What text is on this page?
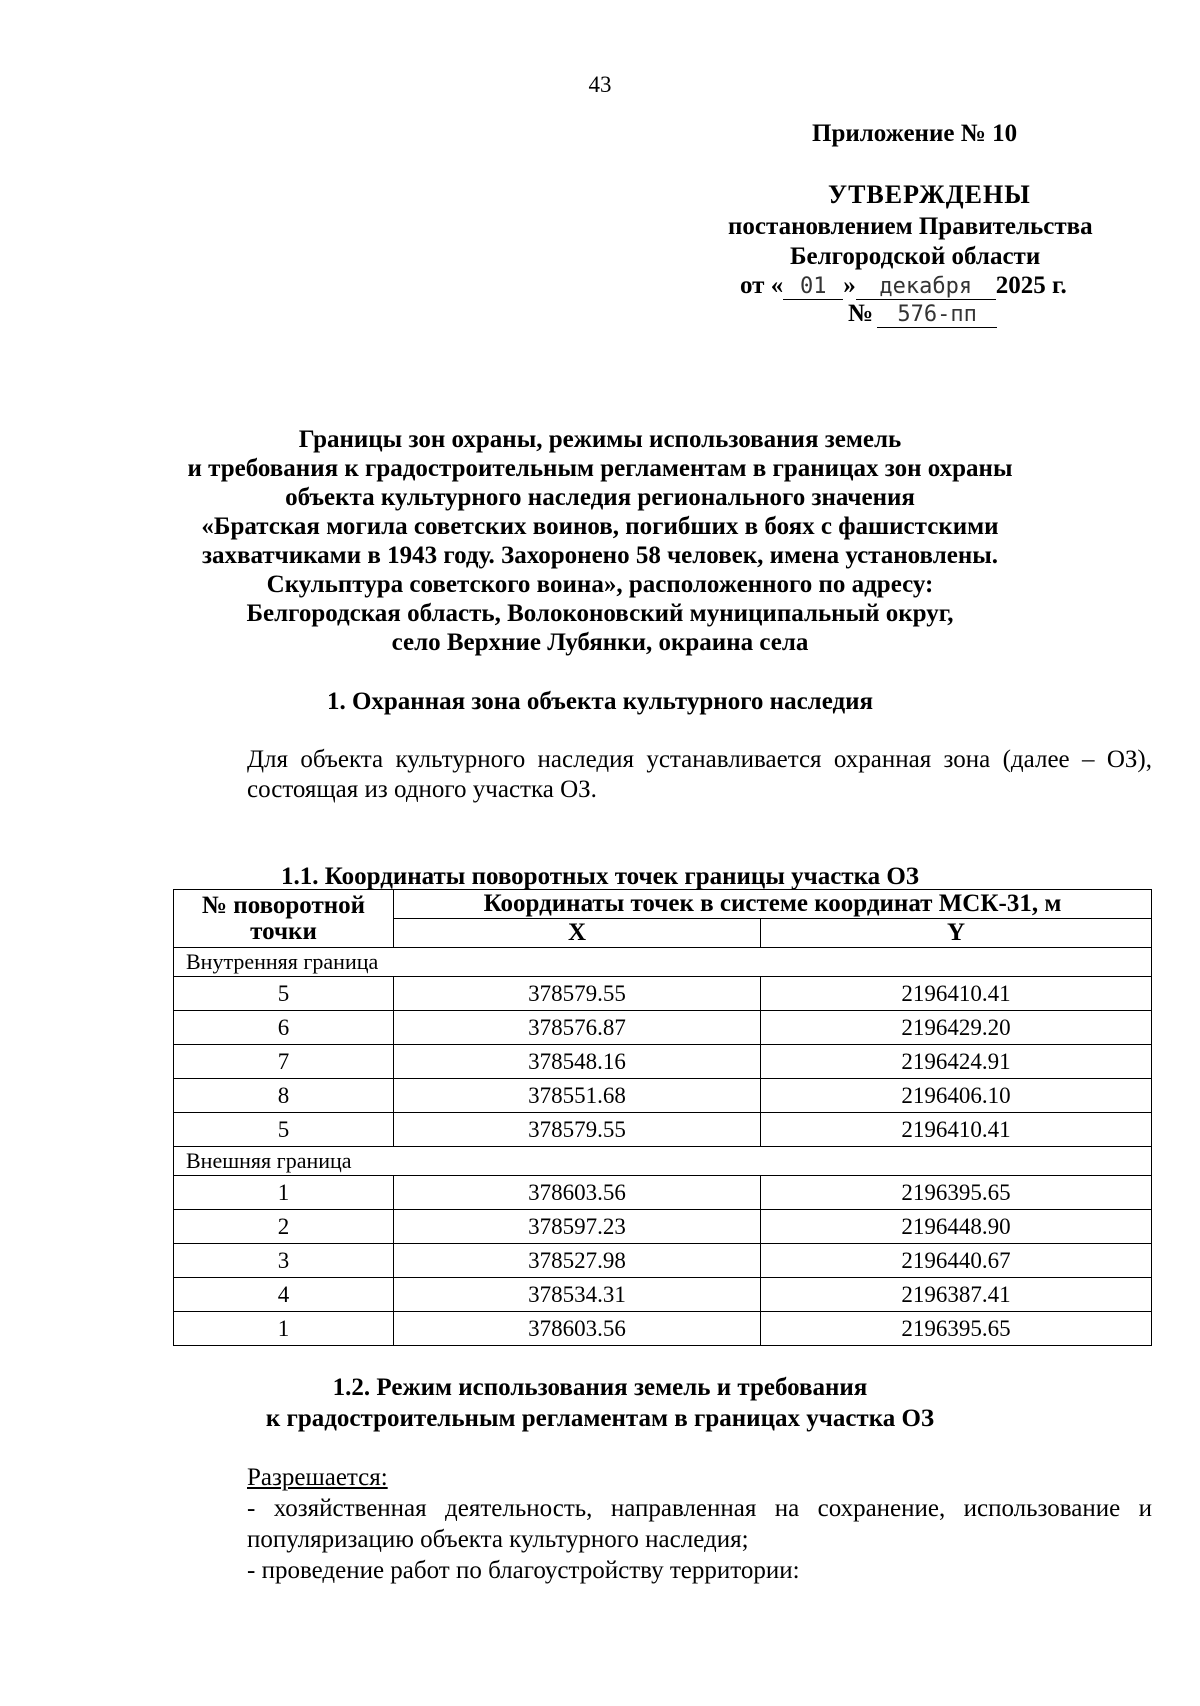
43
Приложение № 10
УТВЕРЖДЕНЫ
постановлением Правительства
Белгородской области
от « 01 » декабря 2025 г.
№ 576-пп
Границы зон охраны, режимы использования земель
и требования к градостроительным регламентам в границах зон охраны
объекта культурного наследия регионального значения
«Братская могила советских воинов, погибших в боях с фашистскими
захватчиками в 1943 году. Захоронено 58 человек, имена установлены.
Скульптура советского воина», расположенного по адресу:
Белгородская область, Волоконовский муниципальный округ,
село Верхние Лубянки, окраина села
1. Охранная зона объекта культурного наследия
Для объекта культурного наследия устанавливается охранная зона (далее – ОЗ), состоящая из одного участка ОЗ.
1.1. Координаты поворотных точек границы участка ОЗ
№ поворотной точки	Координаты точек в системе координат МСК-31, м	
	X	Y
Внутренняя граница		
5	378579.55	2196410.41
6	378576.87	2196429.20
7	378548.16	2196424.91
8	378551.68	2196406.10
5	378579.55	2196410.41
Внешняя граница		
1	378603.56	2196395.65
2	378597.23	2196448.90
3	378527.98	2196440.67
4	378534.31	2196387.41
1	378603.56	2196395.65
1.2. Режим использования земель и требования
к градостроительным регламентам в границах участка ОЗ
Разрешается:
- хозяйственная деятельность, направленная на сохранение, использование и популяризацию объекта культурного наследия;
- проведение работ по благоустройству территории:
